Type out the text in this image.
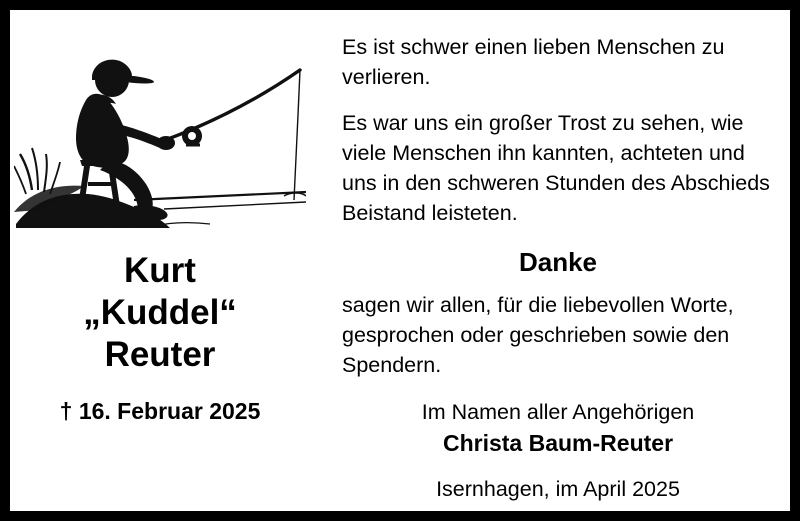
Kurt
„Kuddel“
Reuter
† 16. Februar 2025

Es ist schwer einen lieben Menschen zu verlieren.

Es war uns ein großer Trost zu sehen, wie viele Menschen ihn kannten, achteten und uns in den schweren Stunden des Abschieds Beistand leisteten.

Danke

sagen wir allen, für die liebevollen Worte, gesprochen oder geschrieben sowie den Spendern.

Im Namen aller Angehörigen
Christa Baum-Reuter
Isernhagen, im April 2025
